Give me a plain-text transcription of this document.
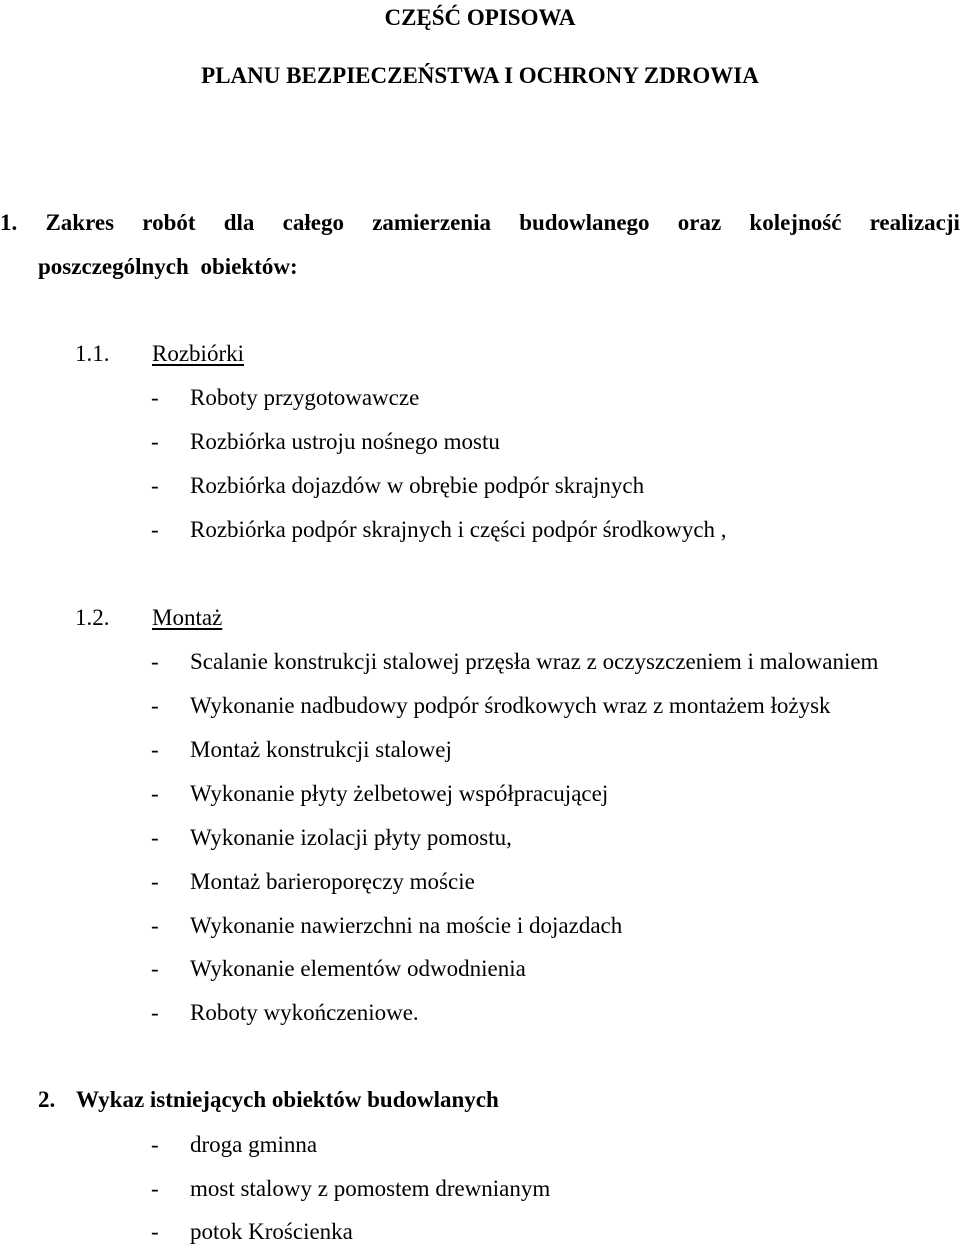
CZĘŚĆ OPISOWA
PLANU BEZPIECZEŃSTWA I OCHRONY ZDROWIA
1. Zakres robót dla całego zamierzenia budowlanego oraz kolejność realizacji
poszczególnych obiektów:
1.1. Rozbiórki
- Roboty przygotowawcze
- Rozbiórka ustroju nośnego mostu
- Rozbiórka dojazdów w obrębie podpór skrajnych
- Rozbiórka podpór skrajnych i części podpór środkowych ,
1.2. Montaż
- Scalanie konstrukcji stalowej przęsła wraz z oczyszczeniem i malowaniem
- Wykonanie nadbudowy podpór środkowych wraz z montażem łożysk
- Montaż konstrukcji stalowej
- Wykonanie płyty żelbetowej współpracującej
- Wykonanie izolacji płyty pomostu,
- Montaż barieroporęczy moście
- Wykonanie nawierzchni na moście i dojazdach
- Wykonanie elementów odwodnienia
- Roboty wykończeniowe.
2. Wykaz istniejących obiektów budowlanych
- droga gminna
- most stalowy z pomostem drewnianym
- potok Krościenka
